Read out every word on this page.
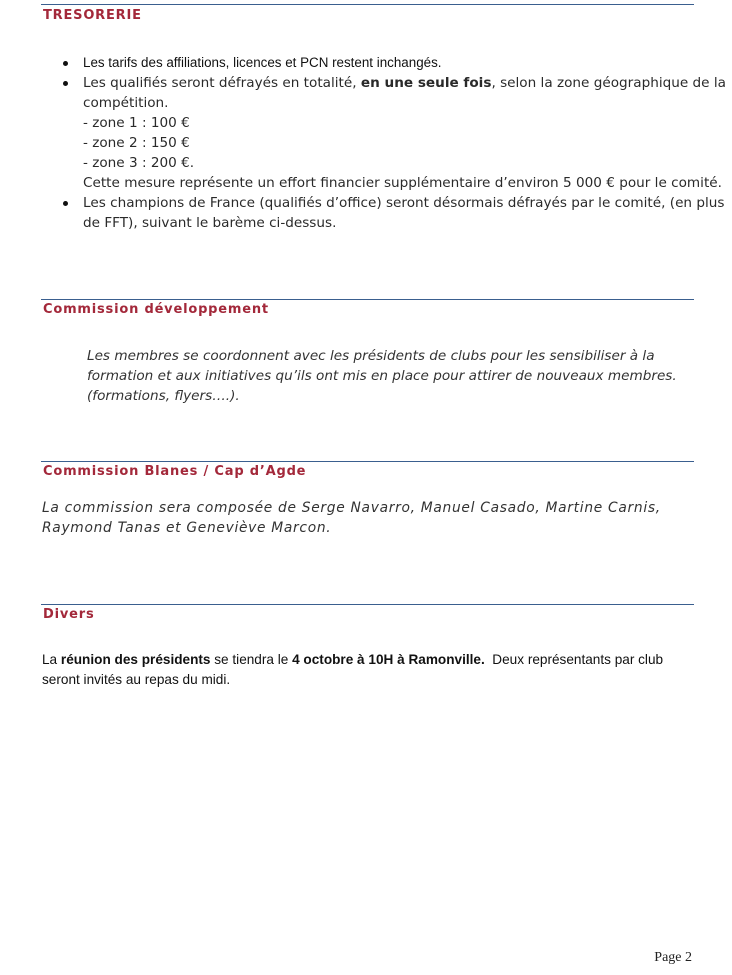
TRESORERIE
Les tarifs des affiliations, licences et PCN restent inchangés.
Les qualifiés seront défrayés en totalité, en une seule fois, selon la zone géographique de la compétition.
- zone 1 : 100 €
- zone 2 : 150 €
- zone 3 : 200 €.
Cette mesure représente un effort financier supplémentaire d’environ 5 000 € pour le comité.
Les champions de France (qualifiés d’office) seront désormais défrayés par le comité, (en plus de FFT), suivant le barème ci-dessus.
Commission développement

Les membres se coordonnent avec les présidents de clubs pour les sensibiliser à la formation et aux initiatives qu’ils ont mis en place pour attirer de nouveaux membres. (formations, flyers….).

Commission Blanes / Cap d’Agde

La commission sera composée de Serge Navarro, Manuel Casado, Martine Carnis, Raymond Tanas et Geneviève Marcon.

Divers

La réunion des présidents se tiendra le 4 octobre à 10H à Ramonville.  Deux représentants par club seront invités au repas du midi.

Page 2
